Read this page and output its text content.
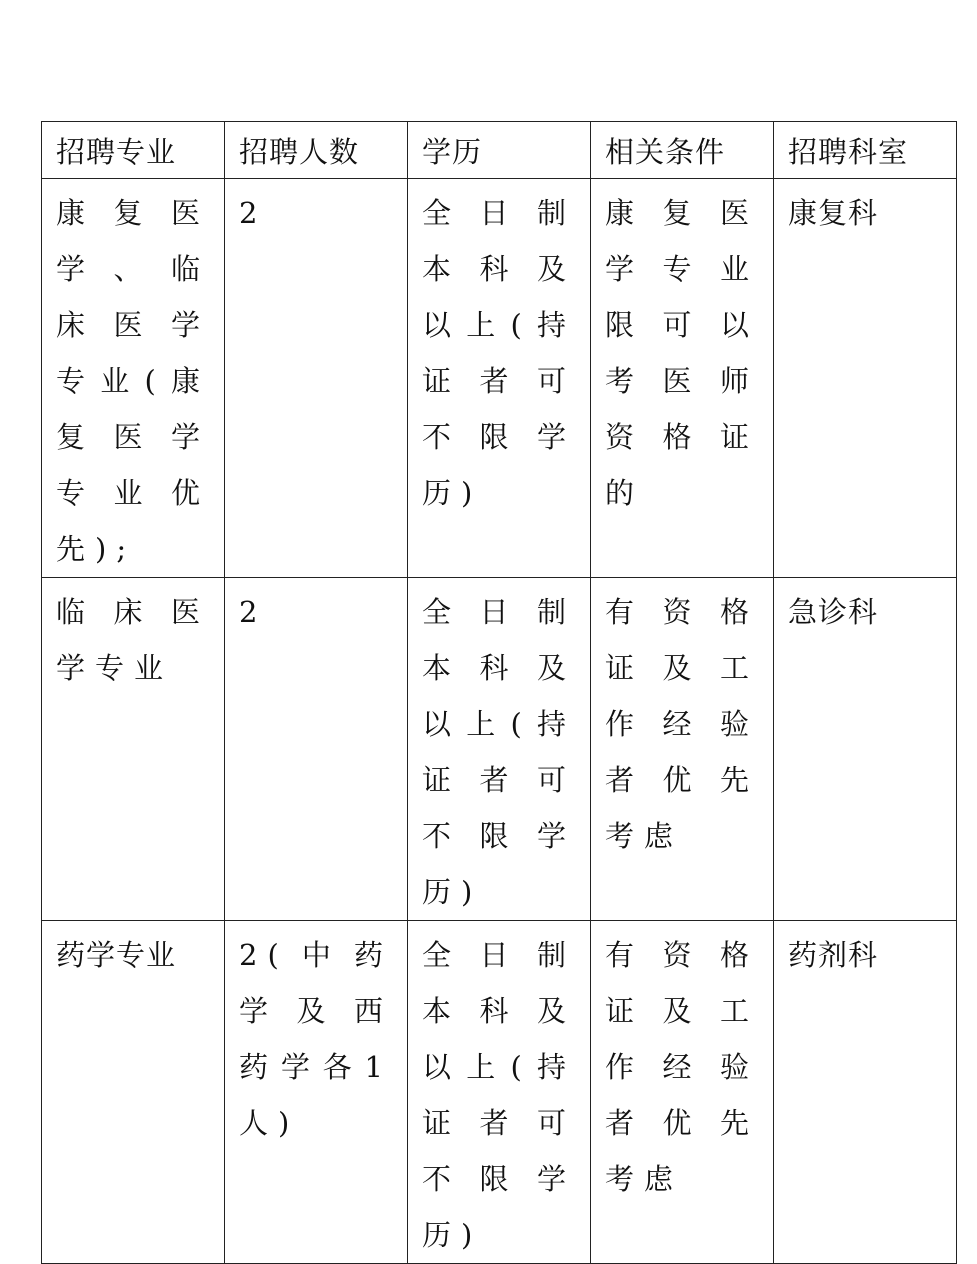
招聘专业	招聘人数	学历	相关条件	招聘科室

康复医学、临床医学专业(康复医学专业优先);	2	全日制本科及以上(持证者可不限学历)	康复医学专业限可以考医师资格证的	康复科

临床医学专业	2	全日制本科及以上(持证者可不限学历)	有资格证及工作经验者优先考虑	急诊科

药学专业	2(中药学及西药学各1人)	全日制本科及以上(持证者可不限学历)	有资格证及工作经验者优先考虑	药剂科
